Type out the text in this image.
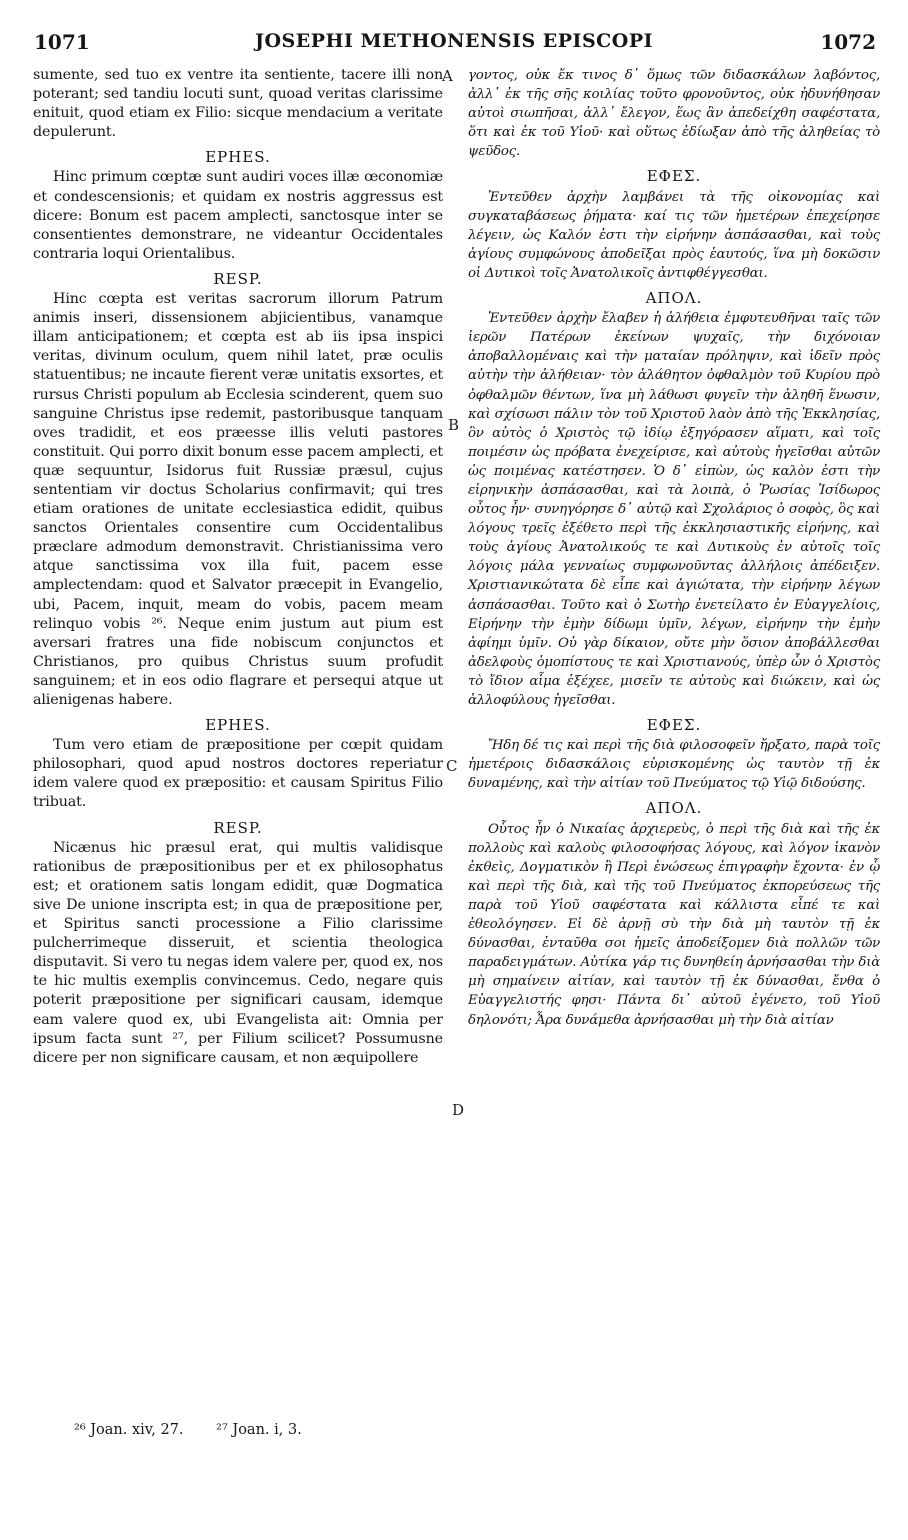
1071	JOSEPHI METHONENSIS EPISCOPI	1072

sumente, sed tuo ex ventre ita sentiente, tacere illi non poterant; sed tandiu locuti sunt, quoad veritas clarissime enituit, quod etiam ex Filio: sicque mendacium a veritate depulerunt.

EPHES.

Hinc primum cœptæ sunt audiri voces illæ œconomiæ et condescensionis; et quidam ex nostris aggressus est dicere: Bonum est pacem amplecti, sanctosque inter se consentientes demonstrare, ne videantur Occidentales contraria loqui Orientalibus.

RESP.

Hinc cœpta est veritas sacrorum illorum Patrum animis inseri, dissensionem abjicientibus, vanamque illam anticipationem; et cœpta est ab iis ipsa inspici veritas, divinum oculum, quem nihil latet, præ oculis statuentibus; ne incaute fierent veræ unitatis exsortes, et rursus Christi populum ab Ecclesia scinderent, quem suo sanguine Christus ipse redemit, pastoribusque tanquam oves tradidit, et eos præesse illis veluti pastores constituit. Qui porro dixit bonum esse pacem amplecti, et quæ sequuntur, Isidorus fuit Russiæ præsul, cujus sententiam vir doctus Scholarius confirmavit; qui tres etiam orationes de unitate ecclesiastica edidit, quibus sanctos Orientales consentire cum Occidentalibus præclare admodum demonstravit. Christianissima vero atque sanctissima vox illa fuit, pacem esse amplectendam: quod et Salvator præcepit in Evangelio, ubi, Pacem, inquit, meam do vobis, pacem meam relinquo vobis ²⁶. Neque enim justum aut pium est aversari fratres una fide nobiscum conjunctos et Christianos, pro quibus Christus suum profudit sanguinem; et in eos odio flagrare et persequi atque ut alienigenas habere.

EPHES.

Tum vero etiam de præpositione per cœpit quidam philosophari, quod apud nostros doctores reperiatur idem valere quod ex præpositio: et causam Spiritus Filio tribuat.

RESP.

Nicænus hic præsul erat, qui multis validisque rationibus de præpositionibus per et ex philosophatus est; et orationem satis longam edidit, quæ Dogmatica sive De unione inscripta est; in qua de præpositione per, et Spiritus sancti processione a Filio clarissime pulcherrimeque disseruit, et scientia theologica disputavit. Si vero tu negas idem valere per, quod ex, nos te hic multis exemplis convincemus. Cedo, negare quis poterit præpositione per significari causam, idemque eam valere quod ex, ubi Evangelista ait: Omnia per ipsum facta sunt ²⁷, per Filium scilicet? Possumusne dicere per non significare causam, et non æquipollere

A
B
C
D

γοντος, οὐκ ἔκ τινος δ᾽ ὅμως τῶν διδασκάλων λαβόντος, ἀλλ᾽ ἐκ τῆς σῆς κοιλίας τοῦτο φρονοῦντος, οὐκ ἠδυνήθησαν αὐτοὶ σιωπῆσαι, ἀλλ᾽ ἔλεγον, ἕως ἂν ἀπεδείχθη σαφέστατα, ὅτι καὶ ἐκ τοῦ Υἱοῦ· καὶ οὕτως ἐδίωξαν ἀπὸ τῆς ἀληθείας τὸ ψεῦδος.

ΕΦΕΣ.

Ἐντεῦθεν ἀρχὴν λαμβάνει τὰ τῆς οἰκονομίας καὶ συγκαταβάσεως ῥήματα· καί τις τῶν ἡμετέρων ἐπεχείρησε λέγειν, ὡς Καλόν ἐστι τὴν εἰρήνην ἀσπάσασθαι, καὶ τοὺς ἁγίους συμφώνους ἀποδεῖξαι πρὸς ἑαυτούς, ἵνα μὴ δοκῶσιν οἱ Δυτικοὶ τοῖς Ἀνατολικοῖς ἀντιφθέγγεσθαι.

ΑΠΟΛ.

Ἐντεῦθεν ἀρχὴν ἔλαβεν ἡ ἀλήθεια ἐμφυτευθῆναι ταῖς τῶν ἱερῶν Πατέρων ἐκείνων ψυχαῖς, τὴν διχόνοιαν ἀποβαλλομέναις καὶ τὴν ματαίαν πρόληψιν, καὶ ἰδεῖν πρὸς αὐτὴν τὴν ἀλήθειαν· τὸν ἀλάθητον ὀφθαλμὸν τοῦ Κυρίου πρὸ ὀφθαλμῶν θέντων, ἵνα μὴ λάθωσι φυγεῖν τὴν ἀληθῆ ἕνωσιν, καὶ σχίσωσι πάλιν τὸν τοῦ Χριστοῦ λαὸν ἀπὸ τῆς Ἐκκλησίας, ὃν αὐτὸς ὁ Χριστὸς τῷ ἰδίῳ ἐξηγόρασεν αἵματι, καὶ τοῖς ποιμέσιν ὡς πρόβατα ἐνεχείρισε, καὶ αὐτοὺς ἡγεῖσθαι αὐτῶν ὡς ποιμένας κατέστησεν. Ὁ δ᾽ εἰπὼν, ὡς καλὸν ἐστι τὴν εἰρηνικὴν ἀσπάσασθαι, καὶ τὰ λοιπὰ, ὁ Ῥωσίας Ἰσίδωρος οὗτος ἦν· συνηγόρησε δ᾽ αὐτῷ καὶ Σχολάριος ὁ σοφὸς, ὃς καὶ λόγους τρεῖς ἐξέθετο περὶ τῆς ἐκκλησιαστικῆς εἰρήνης, καὶ τοὺς ἁγίους Ἀνατολικούς τε καὶ Δυτικοὺς ἐν αὐτοῖς τοῖς λόγοις μάλα γενναίως συμφωνοῦντας ἀλλήλοις ἀπέδειξεν. Χριστιανικώτατα δὲ εἶπε καὶ ἁγιώτατα, τὴν εἰρήνην λέγων ἀσπάσασθαι. Τοῦτο καὶ ὁ Σωτὴρ ἐνετείλατο ἐν Εὐαγγελίοις, Εἰρήνην τὴν ἐμὴν δίδωμι ὑμῖν, λέγων, εἰρήνην τὴν ἐμὴν ἀφίημι ὑμῖν. Οὐ γὰρ δίκαιον, οὔτε μὴν ὅσιον ἀποβάλλεσθαι ἀδελφοὺς ὁμοπίστους τε καὶ Χριστιανούς, ὑπὲρ ὧν ὁ Χριστὸς τὸ ἴδιον αἷμα ἐξέχεε, μισεῖν τε αὐτοὺς καὶ διώκειν, καὶ ὡς ἀλλοφύλους ἡγεῖσθαι.

ΕΦΕΣ.

Ἤδη δέ τις καὶ περὶ τῆς διὰ φιλοσοφεῖν ἤρξατο, παρὰ τοῖς ἡμετέροις διδασκάλοις εὑρισκομένης ὡς ταυτὸν τῇ ἐκ δυναμένης, καὶ τὴν αἰτίαν τοῦ Πνεύματος τῷ Υἱῷ διδούσης.

ΑΠΟΛ.

Οὗτος ἦν ὁ Νικαίας ἀρχιερεὺς, ὁ περὶ τῆς διὰ καὶ τῆς ἐκ πολλοὺς καὶ καλοὺς φιλοσοφήσας λόγους, καὶ λόγον ἱκανὸν ἐκθεὶς, Δογματικὸν ἢ Περὶ ἑνώσεως ἐπιγραφὴν ἔχοντα· ἐν ᾧ καὶ περὶ τῆς διὰ, καὶ τῆς τοῦ Πνεύματος ἐκπορεύσεως τῆς παρὰ τοῦ Υἱοῦ σαφέστατα καὶ κάλλιστα εἶπέ τε καὶ ἐθεολόγησεν. Εἰ δὲ ἀρνῇ σὺ τὴν διὰ μὴ ταυτὸν τῇ ἐκ δύνασθαι, ἐνταῦθα σοι ἡμεῖς ἀποδείξομεν διὰ πολλῶν τῶν παραδειγμάτων. Αὐτίκα γάρ τις δυνηθείη ἀρνήσασθαι τὴν διὰ μὴ σημαίνειν αἰτίαν, καὶ ταυτὸν τῇ ἐκ δύνασθαι, ἔνθα ὁ Εὐαγγελιστής φησι· Πάντα δι᾽ αὐτοῦ ἐγένετο, τοῦ Υἱοῦ δηλονότι; Ἆρα δυνάμεθα ἀρνήσασθαι μὴ τὴν διὰ αἰτίαν

²⁶ Joan. xiv, 27. ²⁷ Joan. i, 3.
